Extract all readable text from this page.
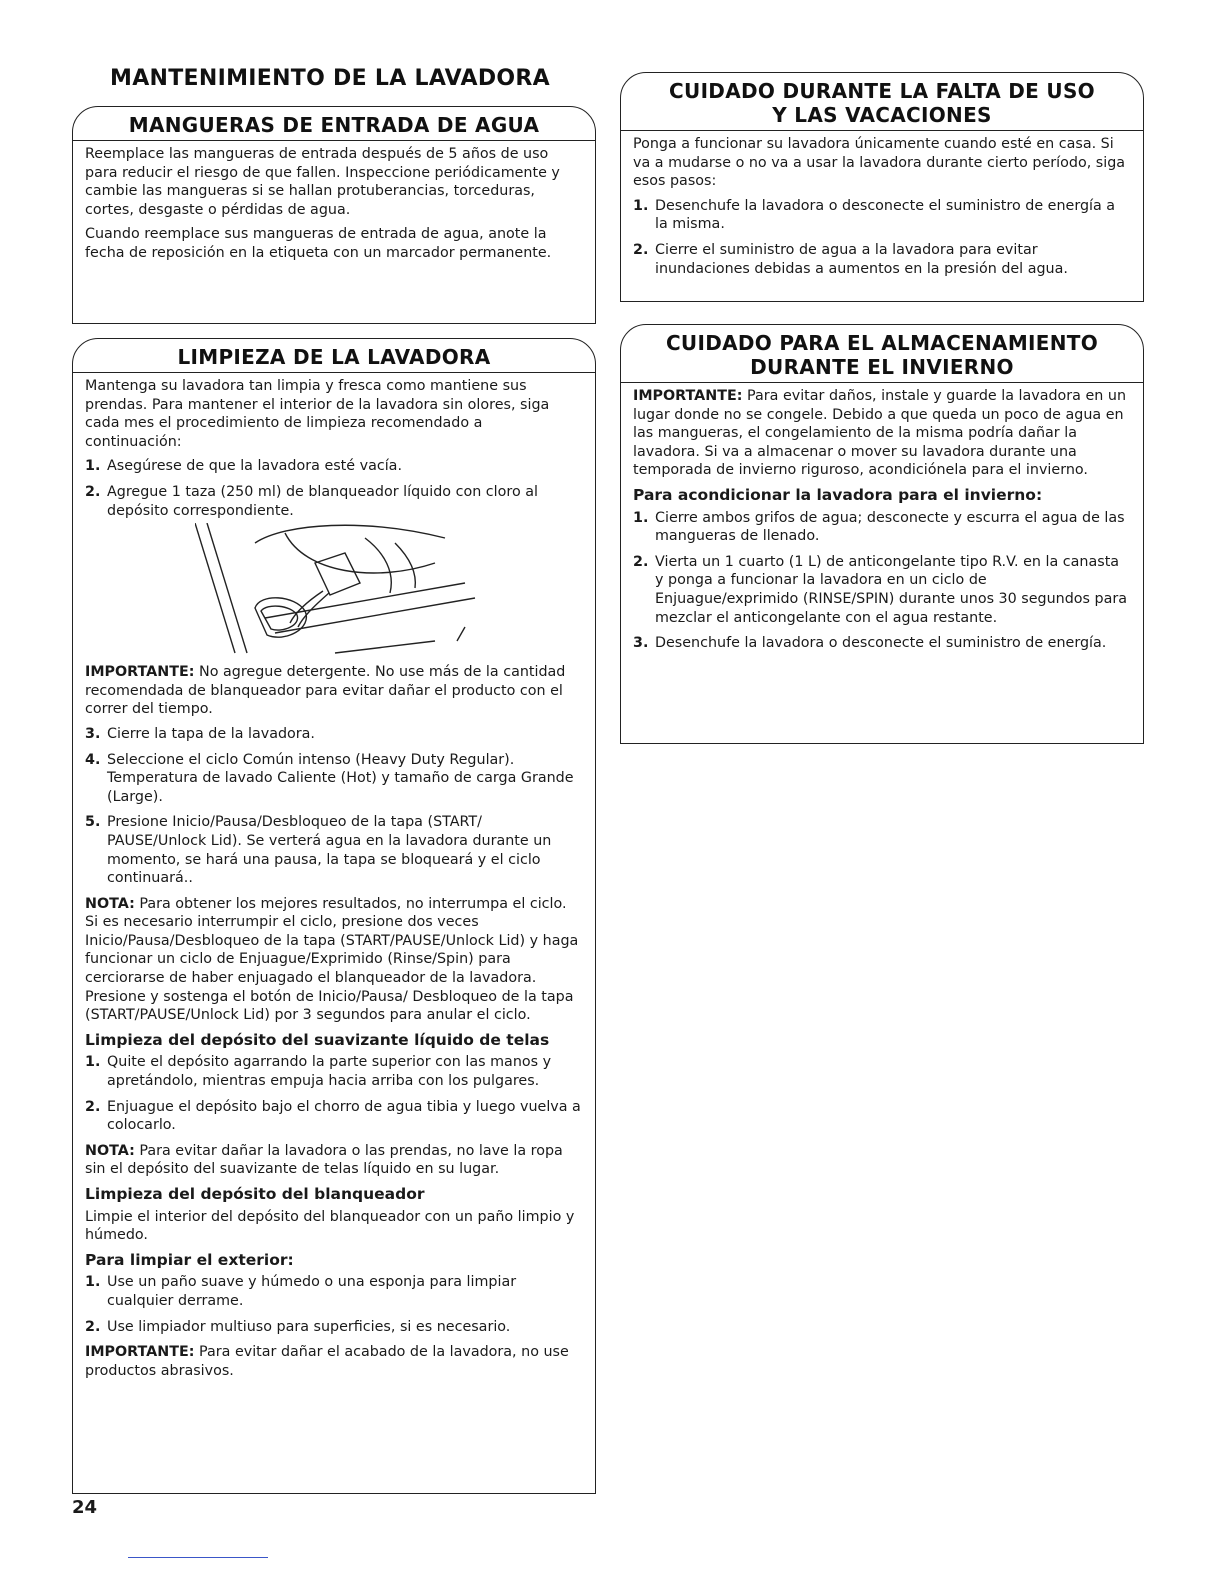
MANTENIMIENTO DE LA LAVADORA
MANGUERAS DE ENTRADA DE AGUA

Reemplace las mangueras de entrada después de 5 años de uso para reducir el riesgo de que fallen. Inspeccione periódicamente y cambie las mangueras si se hallan protuberancias, torceduras, cortes, desgaste o pérdidas de agua.

Cuando reemplace sus mangueras de entrada de agua, anote la fecha de reposición en la etiqueta con un marcador permanente.

LIMPIEZA DE LA LAVADORA

Mantenga su lavadora tan limpia y fresca como mantiene sus prendas. Para mantener el interior de la lavadora sin olores, siga cada mes el procedimiento de limpieza recomendado a continuación:

1. Asegúrese de que la lavadora esté vacía.
2. Agregue 1 taza (250 ml) de blanqueador líquido con cloro al depósito correspondiente.

IMPORTANTE: No agregue detergente. No use más de la cantidad recomendada de blanqueador para evitar dañar el producto con el correr del tiempo.

3. Cierre la tapa de la lavadora.
4. Seleccione el ciclo Común intenso (Heavy Duty Regular). Temperatura de lavado Caliente (Hot) y tamaño de carga Grande (Large).
5. Presione Inicio/Pausa/Desbloqueo de la tapa (START/ PAUSE/Unlock Lid). Se verterá agua en la lavadora durante un momento, se hará una pausa, la tapa se bloqueará y el ciclo continuará..

NOTA: Para obtener los mejores resultados, no interrumpa el ciclo. Si es necesario interrumpir el ciclo, presione dos veces Inicio/Pausa/Desbloqueo de la tapa (START/PAUSE/Unlock Lid) y haga funcionar un ciclo de Enjuague/Exprimido (Rinse/Spin) para cerciorarse de haber enjuagado el blanqueador de la lavadora. Presione y sostenga el botón de Inicio/Pausa/ Desbloqueo de la tapa (START/PAUSE/Unlock Lid) por 3 segundos para anular el ciclo.

Limpieza del depósito del suavizante líquido de telas
1. Quite el depósito agarrando la parte superior con las manos y apretándolo, mientras empuja hacia arriba con los pulgares.
2. Enjuague el depósito bajo el chorro de agua tibia y luego vuelva a colocarlo.

NOTA: Para evitar dañar la lavadora o las prendas, no lave la ropa sin el depósito del suavizante de telas líquido en su lugar.

Limpieza del depósito del blanqueador

Limpie el interior del depósito del blanqueador con un paño limpio y húmedo.

Para limpiar el exterior:
1. Use un paño suave y húmedo o una esponja para limpiar cualquier derrame.
2. Use limpiador multiuso para superficies, si es necesario.

IMPORTANTE: Para evitar dañar el acabado de la lavadora, no use productos abrasivos.

CUIDADO DURANTE LA FALTA DE USO Y LAS VACACIONES

Ponga a funcionar su lavadora únicamente cuando esté en casa. Si va a mudarse o no va a usar la lavadora durante cierto período, siga esos pasos:

1. Desenchufe la lavadora o desconecte el suministro de energía a la misma.
2. Cierre el suministro de agua a la lavadora para evitar inundaciones debidas a aumentos en la presión del agua.
CUIDADO PARA EL ALMACENAMIENTO DURANTE EL INVIERNO

IMPORTANTE: Para evitar daños, instale y guarde la lavadora en un lugar donde no se congele. Debido a que queda un poco de agua en las mangueras, el congelamiento de la misma podría dañar la lavadora. Si va a almacenar o mover su lavadora durante una temporada de invierno riguroso, acondiciónela para el invierno.

Para acondicionar la lavadora para el invierno:
1. Cierre ambos grifos de agua; desconecte y escurra el agua de las mangueras de llenado.
2. Vierta un 1 cuarto (1 L) de anticongelante tipo R.V. en la canasta y ponga a funcionar la lavadora en un ciclo de Enjuague/exprimido (RINSE/SPIN) durante unos 30 segundos para mezclar el anticongelante con el agua restante.
3. Desenchufe la lavadora o desconecte el suministro de energía.
24
